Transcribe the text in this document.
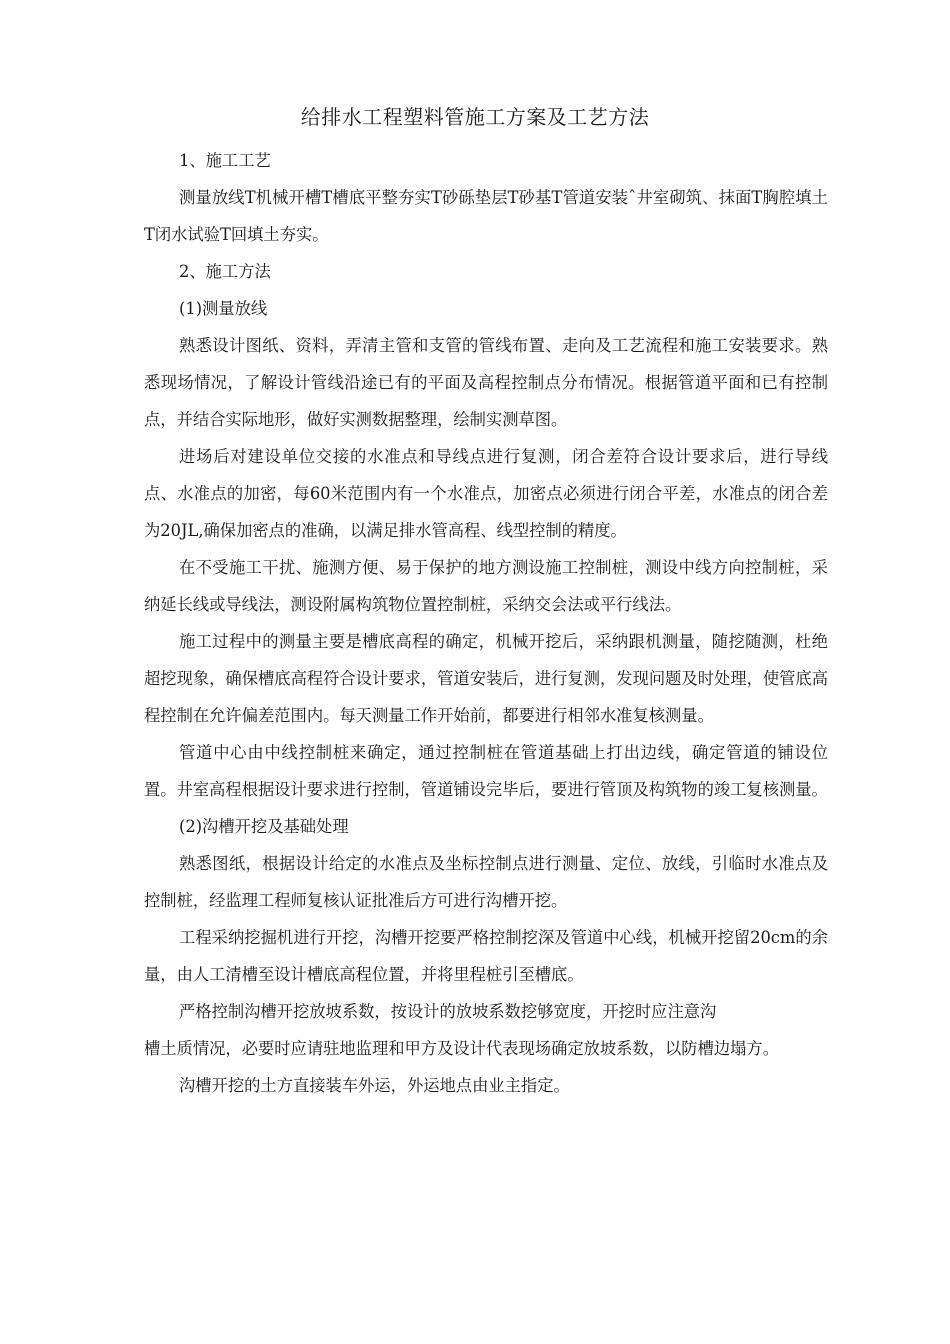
给排水工程塑料管施工方案及工艺方法

1、施工工艺

测量放线T机械开槽T槽底平整夯实T砂砾垫层T砂基T管道安装ˆ井室砌筑、抹面T胸腔填土 T闭水试验T回填土夯实。

2、施工方法

(1)测量放线

熟悉设计图纸、资料，弄清主管和支管的管线布置、走向及工艺流程和施工安装要求。熟悉现场情况，了解设计管线沿途已有的平面及高程控制点分布情况。根据管道平面和已有控制点，并结合实际地形，做好实测数据整理，绘制实测草图。

进场后对建设单位交接的水准点和导线点进行复测，闭合差符合设计要求后，进行导线点、水准点的加密，每60米范围内有一个水准点，加密点必须进行闭合平差，水准点的闭合差为20JL,确保加密点的准确，以满足排水管高程、线型控制的精度。

在不受施工干扰、施测方便、易于保护的地方测设施工控制桩，测设中线方向控制桩，采纳延长线或导线法，测设附属构筑物位置控制桩，采纳交会法或平行线法。

施工过程中的测量主要是槽底高程的确定，机械开挖后，采纳跟机测量，随挖随测，杜绝超挖现象，确保槽底高程符合设计要求，管道安装后，进行复测，发现问题及时处理，使管底高程控制在允许偏差范围内。每天测量工作开始前，都要进行相邻水准复核测量。

管道中心由中线控制桩来确定，通过控制桩在管道基础上打出边线，确定管道的铺设位置。井室高程根据设计要求进行控制，管道铺设完毕后，要进行管顶及构筑物的竣工复核测量。

(2)沟槽开挖及基础处理

熟悉图纸，根据设计给定的水准点及坐标控制点进行测量、定位、放线，引临时水准点及控制桩，经监理工程师复核认证批准后方可进行沟槽开挖。

工程采纳挖掘机进行开挖，沟槽开挖要严格控制挖深及管道中心线，机械开挖留20cm的余量，由人工清槽至设计槽底高程位置，并将里程桩引至槽底。

严格控制沟槽开挖放坡系数，按设计的放坡系数挖够宽度，开挖时应注意沟

槽土质情况，必要时应请驻地监理和甲方及设计代表现场确定放坡系数，以防槽边塌方。

沟槽开挖的土方直接装车外运，外运地点由业主指定。
